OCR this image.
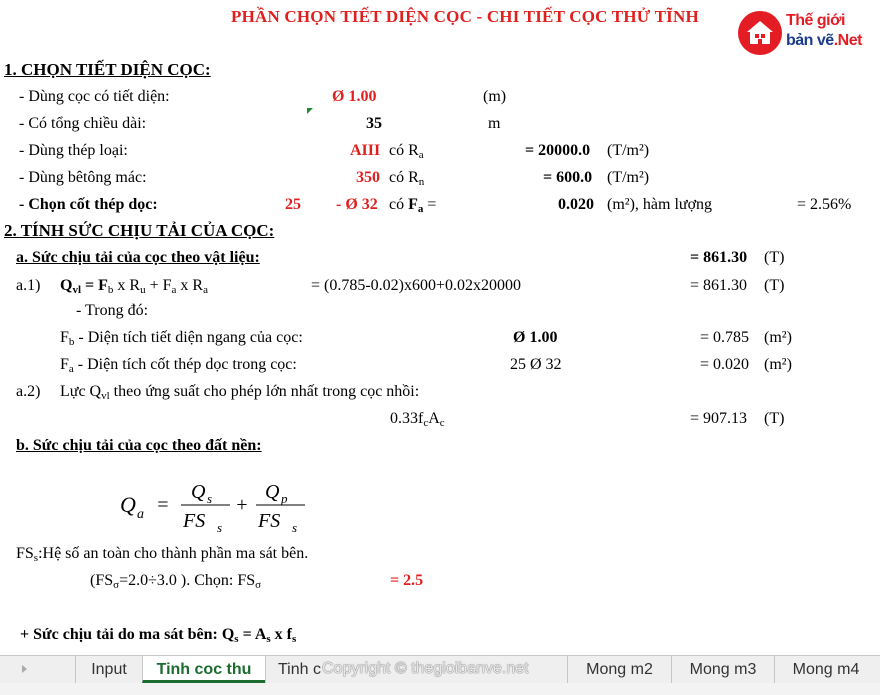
PHẦN CHỌN TIẾT DIỆN CỌC - CHI TIẾT CỌC THỬ TĨNH	Thế giới
bản vẽ.Net
1. CHỌN TIẾT DIỆN CỌC:
- Dùng cọc có tiết diện:	Ø 1.00	(m)
- Có tổng chiều dài:	35	m
- Dùng thép loại:	AIII có $R_a$	= 20000.0 (T/m²)
- Dùng bêtông mác:	350 có $R_n$	= 600.0 (T/m²)
- Chọn cốt thép dọc:	25 - Ø 32 có $F_a$ =	0.020 (m²), hàm lượng	= 2.56%
2. TÍNH SỨC CHỊU TẢI CỦA CỌC:
a. Sức chịu tải của cọc theo vật liệu:	= 861.30 (T)
a.1) $Q_{vl} = F_b$ x $R_u + F_a$ x $R_a$	= (0.785-0.02)x600+0.02x20000	= 861.30 (T)
- Trong đó:
$F_b$ - Diện tích tiết diện ngang của cọc:	Ø 1.00	= 0.785 (m²)
$F_a$ - Diện tích cốt thép dọc trong cọc:	25 Ø 32	= 0.020 (m²)
a.2) Lực $Q_{vl}$ theo ứng suất cho phép lớn nhất trong cọc nhồi:
$0.33f_cA_c$	= 907.13 (T)
b. Sức chịu tải của cọc theo đất nền:
Q a =
Q s
FS s
+
Q p
FS s
$FS_s:Hệ$ số an toàn cho thành phần ma sát bên.
($FS_\sigma=2.0\div 3.0$ ). Chọn: $FS_\sigma$	= 2.5
+ Sức chịu tải do ma sát bên: $Q_s = A_s$ x $f_s$
Input	Tinh coc thu	Tinh c	Mong m2	Mong m3	Mong m4
Copyright © thegioibanve.net
